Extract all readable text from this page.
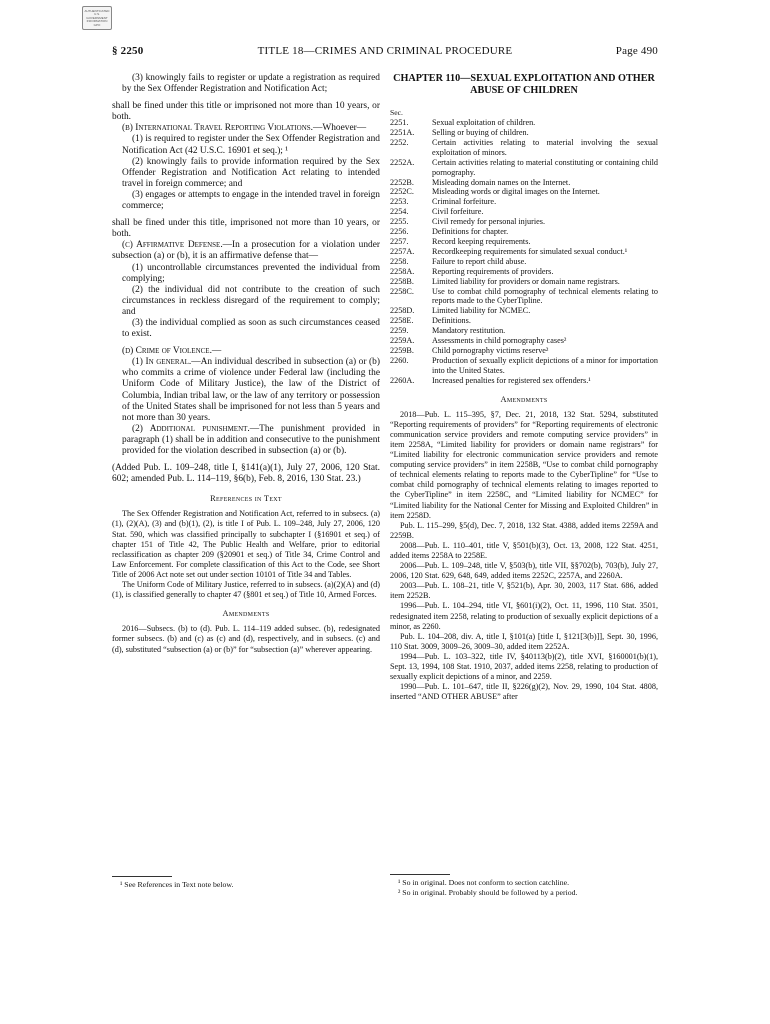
AUTHENTICATED U.S. GOVERNMENT INFORMATION GPO
§ 2250	TITLE 18—CRIMES AND CRIMINAL PROCEDURE	Page 490

(3) knowingly fails to register or update a registration as required by the Sex Offender Registration and Notification Act;

shall be fined under this title or imprisoned not more than 10 years, or both.

(b) International Travel Reporting Violations.—Whoever—

(1) is required to register under the Sex Offender Registration and Notification Act (42 U.S.C. 16901 et seq.); ¹

(2) knowingly fails to provide information required by the Sex Offender Registration and Notification Act relating to intended travel in foreign commerce; and

(3) engages or attempts to engage in the intended travel in foreign commerce;

shall be fined under this title, imprisoned not more than 10 years, or both.

(c) Affirmative Defense.—In a prosecution for a violation under subsection (a) or (b), it is an affirmative defense that—

(1) uncontrollable circumstances prevented the individual from complying;

(2) the individual did not contribute to the creation of such circumstances in reckless disregard of the requirement to comply; and

(3) the individual complied as soon as such circumstances ceased to exist.

(d) Crime of Violence.—

(1) In general.—An individual described in subsection (a) or (b) who commits a crime of violence under Federal law (including the Uniform Code of Military Justice), the law of the District of Columbia, Indian tribal law, or the law of any territory or possession of the United States shall be imprisoned for not less than 5 years and not more than 30 years.

(2) Additional punishment.—The punishment provided in paragraph (1) shall be in addition and consecutive to the punishment provided for the violation described in subsection (a) or (b).

(Added Pub. L. 109–248, title I, §141(a)(1), July 27, 2006, 120 Stat. 602; amended Pub. L. 114–119, §6(b), Feb. 8, 2016, 130 Stat. 23.)

References in Text

The Sex Offender Registration and Notification Act, referred to in subsecs. (a)(1), (2)(A), (3) and (b)(1), (2), is title I of Pub. L. 109–248, July 27, 2006, 120 Stat. 590, which was classified principally to subchapter I (§16901 et seq.) of chapter 151 of Title 42, The Public Health and Welfare, prior to editorial reclassification as chapter 209 (§20901 et seq.) of Title 34, Crime Control and Law Enforcement. For complete classification of this Act to the Code, see Short Title of 2006 Act note set out under section 10101 of Title 34 and Tables.

The Uniform Code of Military Justice, referred to in subsecs. (a)(2)(A) and (d)(1), is classified generally to chapter 47 (§801 et seq.) of Title 10, Armed Forces.

Amendments

2016—Subsecs. (b) to (d). Pub. L. 114–119 added subsec. (b), redesignated former subsecs. (b) and (c) as (c) and (d), respectively, and in subsecs. (c) and (d), substituted “subsection (a) or (b)” for “subsection (a)” wherever appearing.

¹ See References in Text note below.

CHAPTER 110—SEXUAL EXPLOITATION AND OTHER ABUSE OF CHILDREN
Sec.
2251.	Sexual exploitation of children.
2251A.	Selling or buying of children.
2252.	Certain activities relating to material involving the sexual exploitation of minors.
2252A.	Certain activities relating to material constituting or containing child pornography.
2252B.	Misleading domain names on the Internet.
2252C.	Misleading words or digital images on the Internet.
2253.	Criminal forfeiture.
2254.	Civil forfeiture.
2255.	Civil remedy for personal injuries.
2256.	Definitions for chapter.
2257.	Record keeping requirements.
2257A.	Recordkeeping requirements for simulated sexual conduct.¹
2258.	Failure to report child abuse.
2258A.	Reporting requirements of providers.
2258B.	Limited liability for providers or domain name registrars.
2258C.	Use to combat child pornography of technical elements relating to reports made to the CyberTipline.
2258D.	Limited liability for NCMEC.
2258E.	Definitions.
2259.	Mandatory restitution.
2259A.	Assessments in child pornography cases²
2259B.	Child pornography victims reserve²
2260.	Production of sexually explicit depictions of a minor for importation into the United States.
2260A.	Increased penalties for registered sex offenders.¹
Amendments

2018—Pub. L. 115–395, §7, Dec. 21, 2018, 132 Stat. 5294, substituted “Reporting requirements of providers” for “Reporting requirements of electronic communication service providers and remote computing service providers” in item 2258A, “Limited liability for providers or domain name registrars” for “Limited liability for electronic communication service providers and remote computing service providers” in item 2258B, “Use to combat child pornography of technical elements relating to reports made to the CyberTipline” for “Use to combat child pornography of technical elements relating to images reported to the CyberTipline” in item 2258C, and “Limited liability for NCMEC” for “Limited liability for the National Center for Missing and Exploited Children” in item 2258D.

Pub. L. 115–299, §5(d), Dec. 7, 2018, 132 Stat. 4388, added items 2259A and 2259B.

2008—Pub. L. 110–401, title V, §501(b)(3), Oct. 13, 2008, 122 Stat. 4251, added items 2258A to 2258E.

2006—Pub. L. 109–248, title V, §503(b), title VII, §§702(b), 703(b), July 27, 2006, 120 Stat. 629, 648, 649, added items 2252C, 2257A, and 2260A.

2003—Pub. L. 108–21, title V, §521(b), Apr. 30, 2003, 117 Stat. 686, added item 2252B.

1996—Pub. L. 104–294, title VI, §601(i)(2), Oct. 11, 1996, 110 Stat. 3501, redesignated item 2258, relating to production of sexually explicit depictions of a minor, as 2260.

Pub. L. 104–208, div. A, title I, §101(a) [title I, §121[3(b)]], Sept. 30, 1996, 110 Stat. 3009, 3009–26, 3009–30, added item 2252A.

1994—Pub. L. 103–322, title IV, §40113(b)(2), title XVI, §160001(b)(1), Sept. 13, 1994, 108 Stat. 1910, 2037, added items 2258, relating to production of sexually explicit depictions of a minor, and 2259.

1990—Pub. L. 101–647, title II, §226(g)(2), Nov. 29, 1990, 104 Stat. 4808, inserted “AND OTHER ABUSE” after

¹ So in original. Does not conform to section catchline.

² So in original. Probably should be followed by a period.
